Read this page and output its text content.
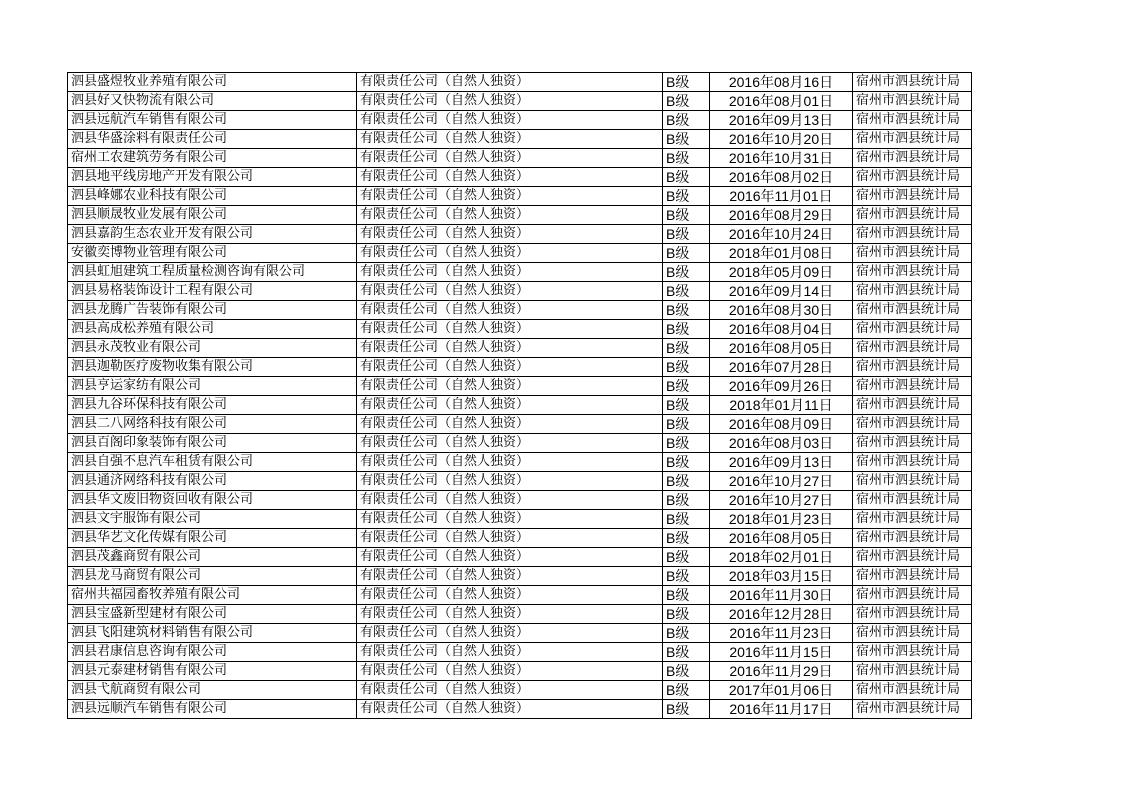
泗县盛煜牧业养殖有限公司	有限责任公司（自然人独资）	B级	2016年08月16日	宿州市泗县统计局
泗县好又快物流有限公司	有限责任公司（自然人独资）	B级	2016年08月01日	宿州市泗县统计局
泗县远航汽车销售有限公司	有限责任公司（自然人独资）	B级	2016年09月13日	宿州市泗县统计局
泗县华盛涂料有限责任公司	有限责任公司（自然人独资）	B级	2016年10月20日	宿州市泗县统计局
宿州工农建筑劳务有限公司	有限责任公司（自然人独资）	B级	2016年10月31日	宿州市泗县统计局
泗县地平线房地产开发有限公司	有限责任公司（自然人独资）	B级	2016年08月02日	宿州市泗县统计局
泗县峰娜农业科技有限公司	有限责任公司（自然人独资）	B级	2016年11月01日	宿州市泗县统计局
泗县顺晟牧业发展有限公司	有限责任公司（自然人独资）	B级	2016年08月29日	宿州市泗县统计局
泗县嘉韵生态农业开发有限公司	有限责任公司（自然人独资）	B级	2016年10月24日	宿州市泗县统计局
安徽奕博物业管理有限公司	有限责任公司（自然人独资）	B级	2018年01月08日	宿州市泗县统计局
泗县虹旭建筑工程质量检测咨询有限公司	有限责任公司（自然人独资）	B级	2018年05月09日	宿州市泗县统计局
泗县易格装饰设计工程有限公司	有限责任公司（自然人独资）	B级	2016年09月14日	宿州市泗县统计局
泗县龙腾广告装饰有限公司	有限责任公司（自然人独资）	B级	2016年08月30日	宿州市泗县统计局
泗县高成松养殖有限公司	有限责任公司（自然人独资）	B级	2016年08月04日	宿州市泗县统计局
泗县永茂牧业有限公司	有限责任公司（自然人独资）	B级	2016年08月05日	宿州市泗县统计局
泗县迦勒医疗废物收集有限公司	有限责任公司（自然人独资）	B级	2016年07月28日	宿州市泗县统计局
泗县亨运家纺有限公司	有限责任公司（自然人独资）	B级	2016年09月26日	宿州市泗县统计局
泗县九谷环保科技有限公司	有限责任公司（自然人独资）	B级	2018年01月11日	宿州市泗县统计局
泗县二八网络科技有限公司	有限责任公司（自然人独资）	B级	2016年08月09日	宿州市泗县统计局
泗县百阁印象装饰有限公司	有限责任公司（自然人独资）	B级	2016年08月03日	宿州市泗县统计局
泗县自强不息汽车租赁有限公司	有限责任公司（自然人独资）	B级	2016年09月13日	宿州市泗县统计局
泗县通济网络科技有限公司	有限责任公司（自然人独资）	B级	2016年10月27日	宿州市泗县统计局
泗县华文废旧物资回收有限公司	有限责任公司（自然人独资）	B级	2016年10月27日	宿州市泗县统计局
泗县文宇服饰有限公司	有限责任公司（自然人独资）	B级	2018年01月23日	宿州市泗县统计局
泗县华艺文化传媒有限公司	有限责任公司（自然人独资）	B级	2016年08月05日	宿州市泗县统计局
泗县茂鑫商贸有限公司	有限责任公司（自然人独资）	B级	2018年02月01日	宿州市泗县统计局
泗县龙马商贸有限公司	有限责任公司（自然人独资）	B级	2018年03月15日	宿州市泗县统计局
宿州共福园畜牧养殖有限公司	有限责任公司（自然人独资）	B级	2016年11月30日	宿州市泗县统计局
泗县宝盛新型建材有限公司	有限责任公司（自然人独资）	B级	2016年12月28日	宿州市泗县统计局
泗县飞阳建筑材料销售有限公司	有限责任公司（自然人独资）	B级	2016年11月23日	宿州市泗县统计局
泗县君康信息咨询有限公司	有限责任公司（自然人独资）	B级	2016年11月15日	宿州市泗县统计局
泗县元泰建材销售有限公司	有限责任公司（自然人独资）	B级	2016年11月29日	宿州市泗县统计局
泗县弋航商贸有限公司	有限责任公司（自然人独资）	B级	2017年01月06日	宿州市泗县统计局
泗县远顺汽车销售有限公司	有限责任公司（自然人独资）	B级	2016年11月17日	宿州市泗县统计局
